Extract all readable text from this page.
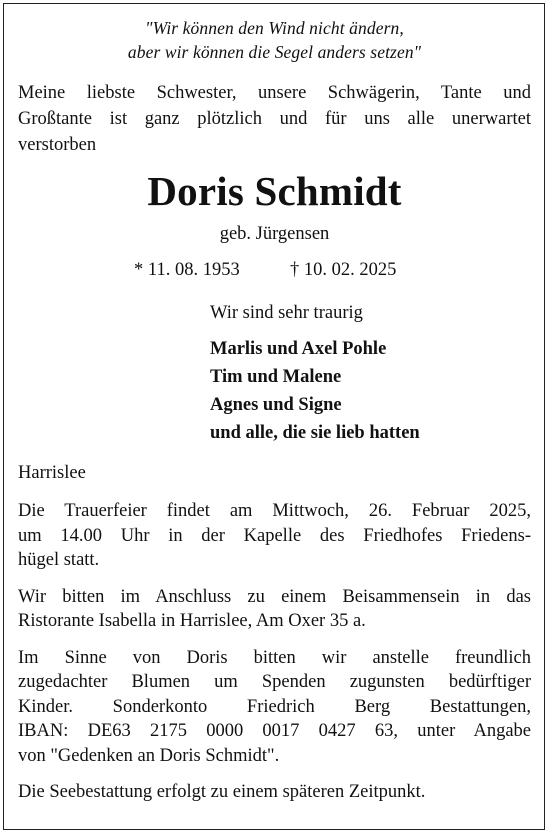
"Wir können den Wind nicht ändern,
aber wir können die Segel anders setzen"

Meine liebste Schwester, unsere Schwägerin, Tante und
Großtante ist ganz plötzlich und für uns alle unerwartet
verstorben

Doris Schmidt
geb. Jürgensen
* 11. 08. 1953	† 10. 02. 2025
Wir sind sehr traurig
Marlis und Axel Pohle
Tim und Malene
Agnes und Signe
und alle, die sie lieb hatten
Harrislee

Die Trauerfeier findet am Mittwoch, 26. Februar 2025,
um 14.00 Uhr in der Kapelle des Friedhofes Friedens-
hügel statt.

Wir bitten im Anschluss zu einem Beisammensein in das
Ristorante Isabella in Harrislee, Am Oxer 35 a.

Im Sinne von Doris bitten wir anstelle freundlich
zugedachter Blumen um Spenden zugunsten bedürftiger
Kinder. Sonderkonto Friedrich Berg Bestattungen,
IBAN: DE63 2175 0000 0017 0427 63, unter Angabe
von "Gedenken an Doris Schmidt".

Die Seebestattung erfolgt zu einem späteren Zeitpunkt.
